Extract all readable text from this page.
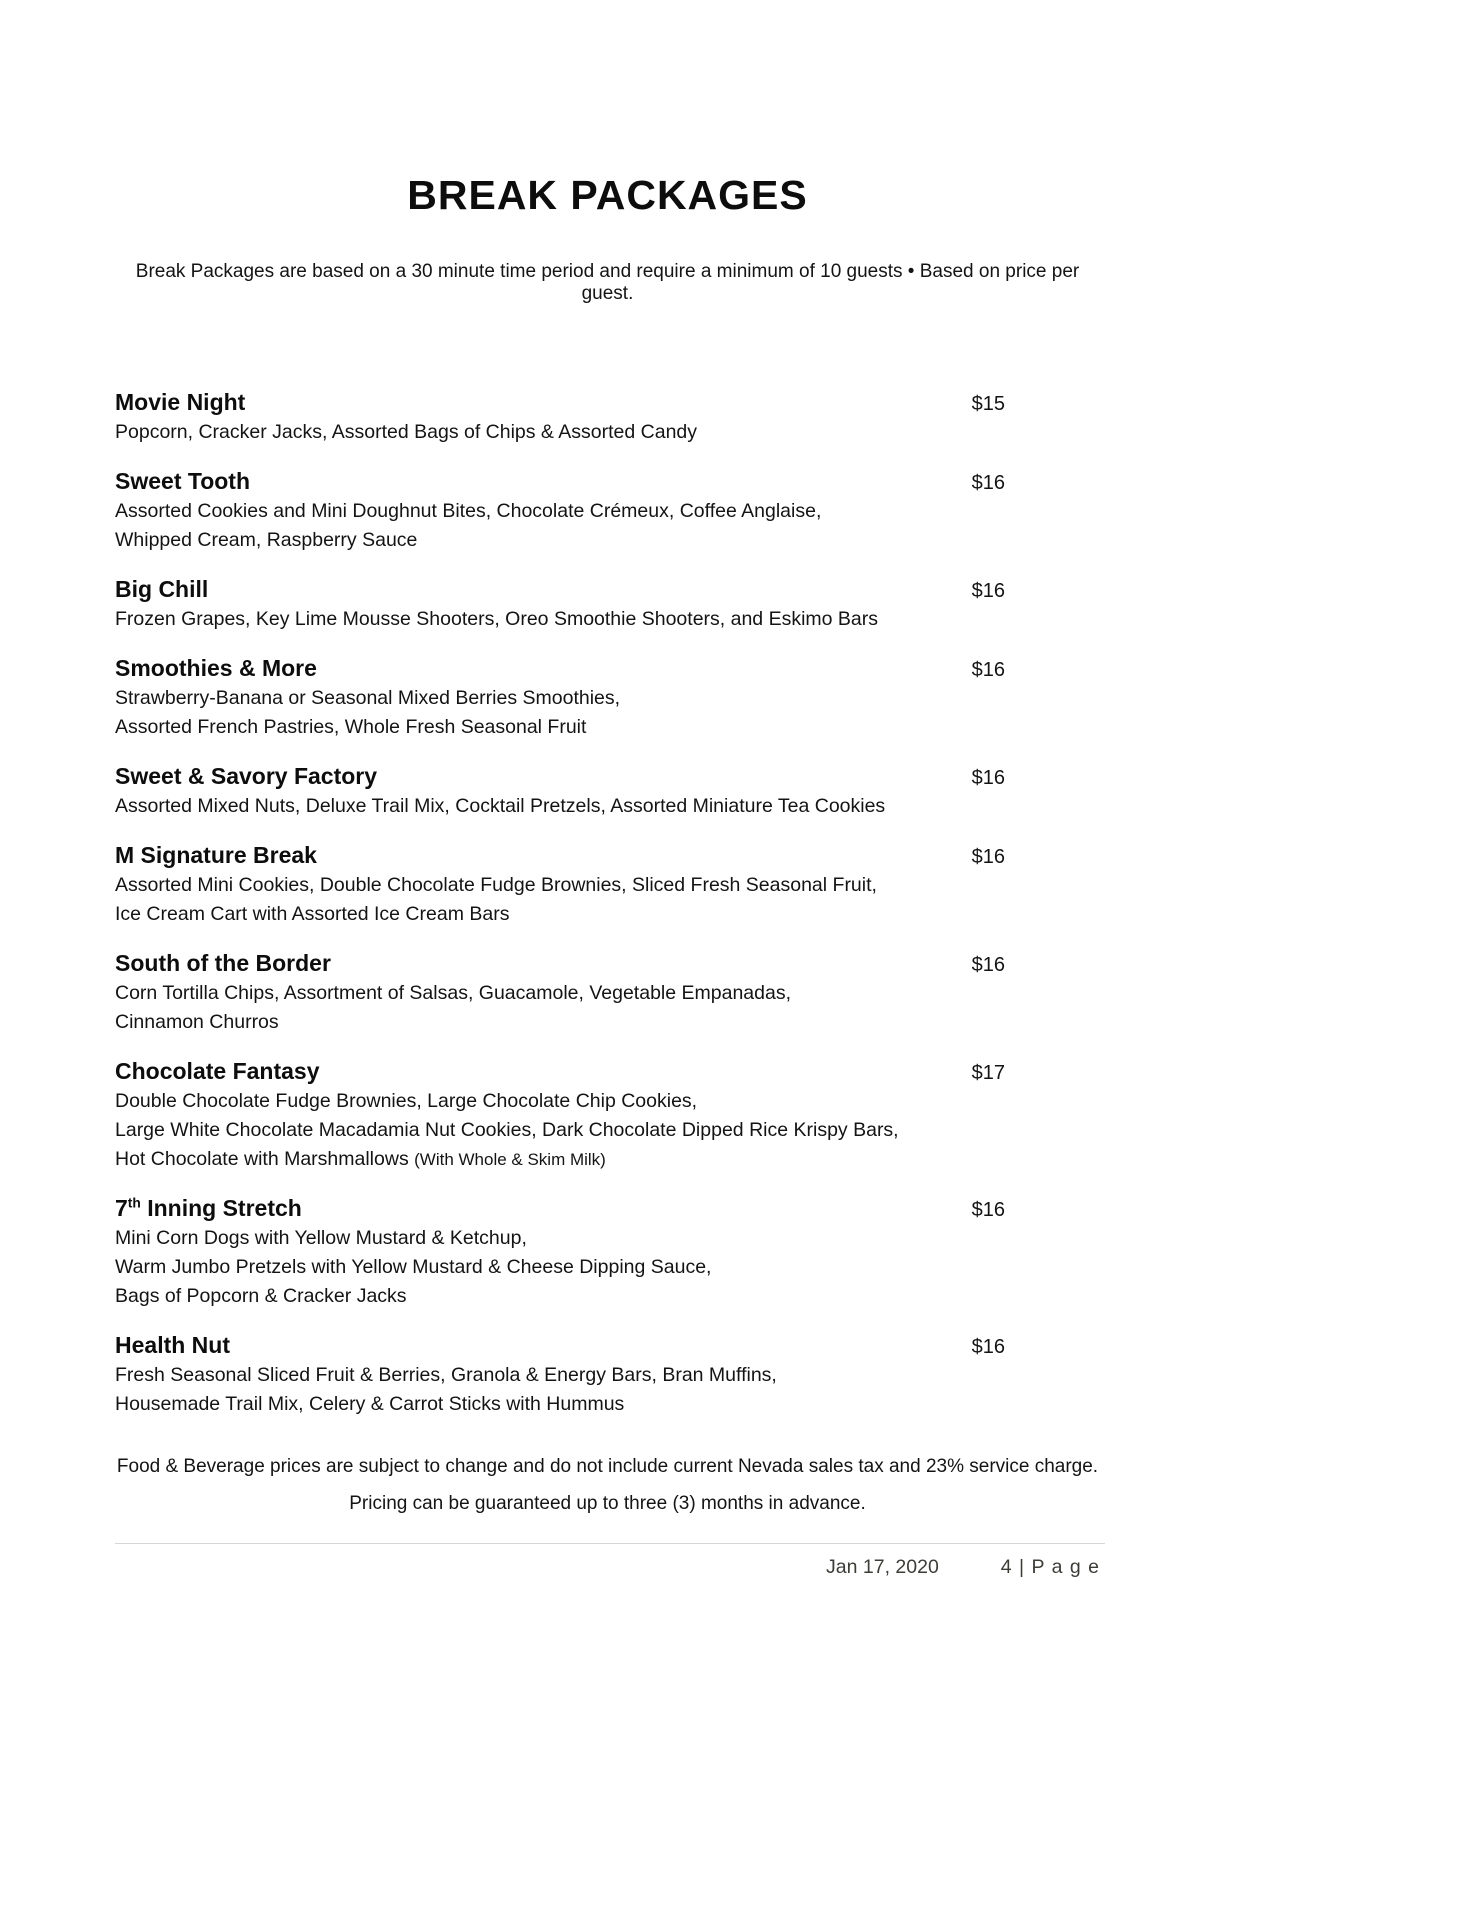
BREAK PACKAGES

Break Packages are based on a 30 minute time period and require a minimum of 10 guests • Based on price per guest.

Movie Night	$15

Popcorn, Cracker Jacks, Assorted Bags of Chips & Assorted Candy

Sweet Tooth	$16

Assorted Cookies and Mini Doughnut Bites, Chocolate Crémeux, Coffee Anglaise,

Whipped Cream, Raspberry Sauce

Big Chill	$16

Frozen Grapes, Key Lime Mousse Shooters, Oreo Smoothie Shooters, and Eskimo Bars

Smoothies & More	$16

Strawberry-Banana or Seasonal Mixed Berries Smoothies,

Assorted French Pastries, Whole Fresh Seasonal Fruit

Sweet & Savory Factory	$16

Assorted Mixed Nuts, Deluxe Trail Mix, Cocktail Pretzels, Assorted Miniature Tea Cookies

M Signature Break	$16

Assorted Mini Cookies, Double Chocolate Fudge Brownies, Sliced Fresh Seasonal Fruit,

Ice Cream Cart with Assorted Ice Cream Bars

South of the Border	$16

Corn Tortilla Chips, Assortment of Salsas, Guacamole, Vegetable Empanadas,

Cinnamon Churros

Chocolate Fantasy	$17

Double Chocolate Fudge Brownies, Large Chocolate Chip Cookies,

Large White Chocolate Macadamia Nut Cookies, Dark Chocolate Dipped Rice Krispy Bars,

Hot Chocolate with Marshmallows (With Whole & Skim Milk)

7th Inning Stretch	$16

Mini Corn Dogs with Yellow Mustard & Ketchup,

Warm Jumbo Pretzels with Yellow Mustard & Cheese Dipping Sauce,

Bags of Popcorn & Cracker Jacks

Health Nut	$16

Fresh Seasonal Sliced Fruit & Berries, Granola & Energy Bars, Bran Muffins,

Housemade Trail Mix, Celery & Carrot Sticks with Hummus

Food & Beverage prices are subject to change and do not include current Nevada sales tax and 23% service charge.

Pricing can be guaranteed up to three (3) months in advance.

Jan 17, 2020	4 | P a g e
